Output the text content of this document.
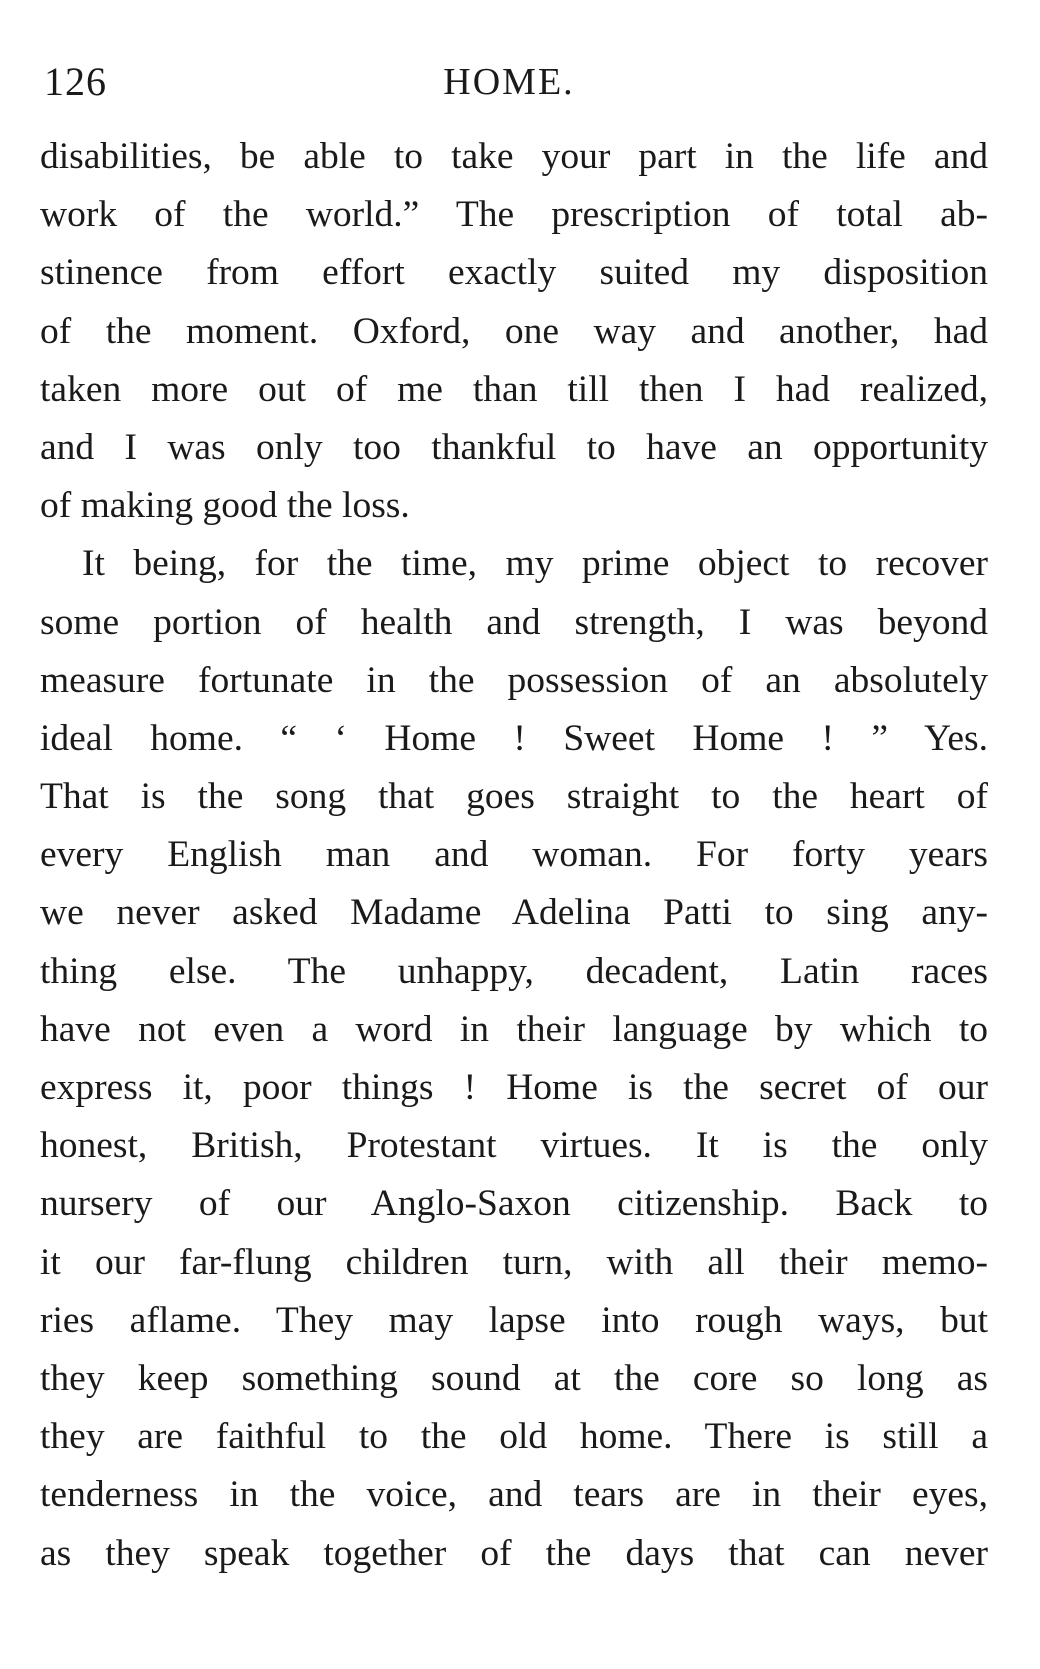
126	HOME.
disabilities, be able to take your part in the life and
work of the world.” The prescription of total ab-
stinence from effort exactly suited my disposition
of the moment. Oxford, one way and another, had
taken more out of me than till then I had realized,
and I was only too thankful to have an opportunity
of making good the loss.
It being, for the time, my prime object to recover
some portion of health and strength, I was beyond
measure fortunate in the possession of an absolutely
ideal home. “ ‘ Home ! Sweet Home ! ” Yes.
That is the song that goes straight to the heart of
every English man and woman. For forty years
we never asked Madame Adelina Patti to sing any-
thing else. The unhappy, decadent, Latin races
have not even a word in their language by which to
express it, poor things ! Home is the secret of our
honest, British, Protestant virtues. It is the only
nursery of our Anglo-Saxon citizenship. Back to
it our far-flung children turn, with all their memo-
ries aflame. They may lapse into rough ways, but
they keep something sound at the core so long as
they are faithful to the old home. There is still a
tenderness in the voice, and tears are in their eyes,
as they speak together of the days that can never
